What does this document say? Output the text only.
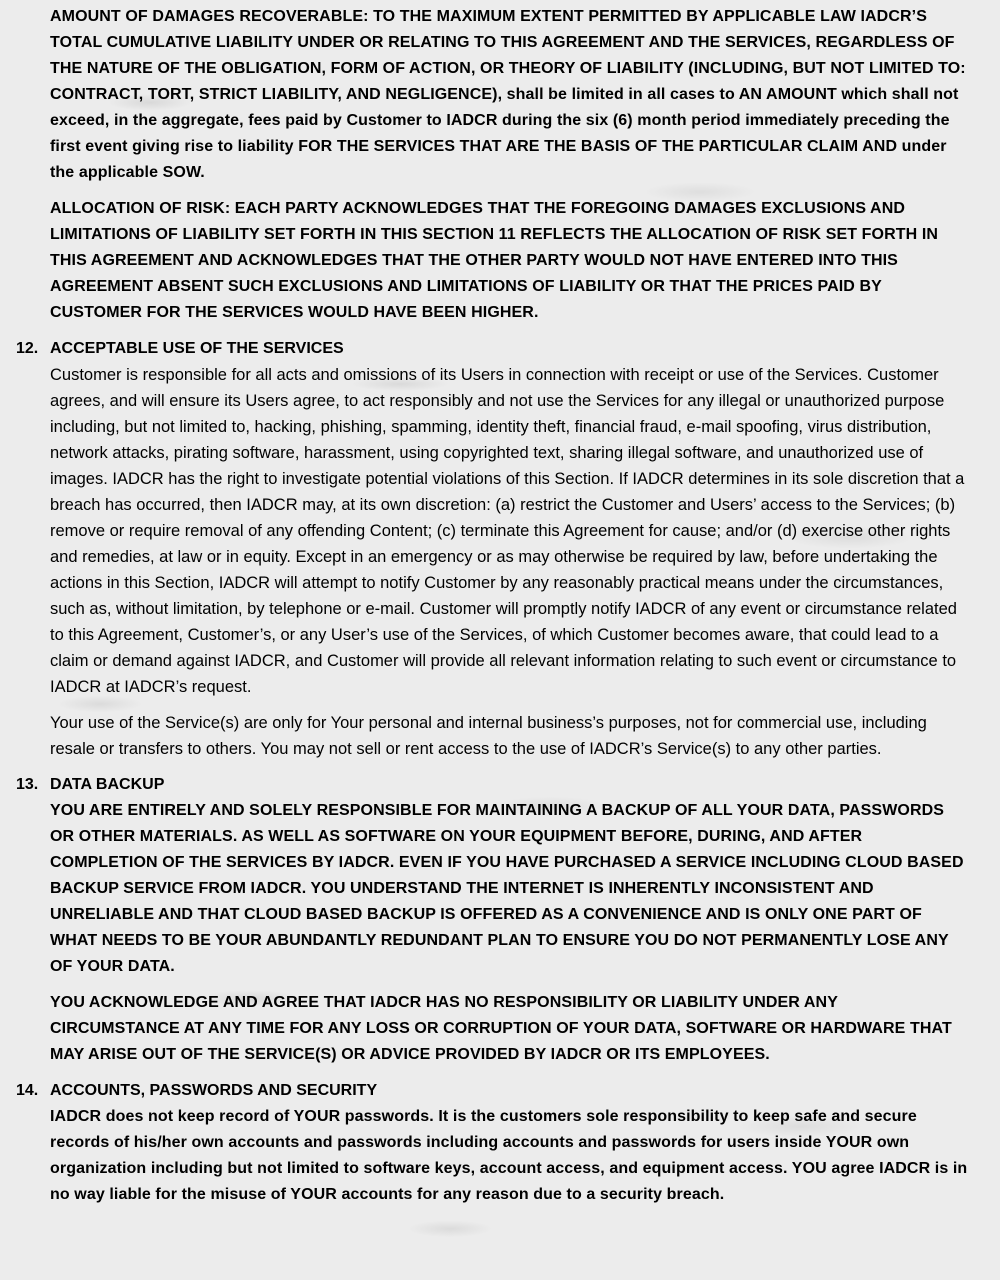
AMOUNT OF DAMAGES RECOVERABLE: TO THE MAXIMUM EXTENT PERMITTED BY APPLICABLE LAW IADCR’S TOTAL CUMULATIVE LIABILITY UNDER OR RELATING TO THIS AGREEMENT AND THE SERVICES, REGARDLESS OF THE NATURE OF THE OBLIGATION, FORM OF ACTION, OR THEORY OF LIABILITY (INCLUDING, BUT NOT LIMITED TO: CONTRACT, TORT, STRICT LIABILITY, AND NEGLIGENCE), shall be limited in all cases to AN AMOUNT which shall not exceed, in the aggregate, fees paid by Customer to IADCR during the six (6) month period immediately preceding the first event giving rise to liability FOR THE SERVICES THAT ARE THE BASIS OF THE PARTICULAR CLAIM AND under the applicable SOW.

ALLOCATION OF RISK: EACH PARTY ACKNOWLEDGES THAT THE FOREGOING DAMAGES EXCLUSIONS AND LIMITATIONS OF LIABILITY SET FORTH IN THIS SECTION 11 REFLECTS THE ALLOCATION OF RISK SET FORTH IN THIS AGREEMENT AND ACKNOWLEDGES THAT THE OTHER PARTY WOULD NOT HAVE ENTERED INTO THIS AGREEMENT ABSENT SUCH EXCLUSIONS AND LIMITATIONS OF LIABILITY OR THAT THE PRICES PAID BY CUSTOMER FOR THE SERVICES WOULD HAVE BEEN HIGHER.

12. ACCEPTABLE USE OF THE SERVICES

Customer is responsible for all acts and omissions of its Users in connection with receipt or use of the Services. Customer agrees, and will ensure its Users agree, to act responsibly and not use the Services for any illegal or unauthorized purpose including, but not limited to, hacking, phishing, spamming, identity theft, financial fraud, e-mail spoofing, virus distribution, network attacks, pirating software, harassment, using copyrighted text, sharing illegal software, and unauthorized use of images. IADCR has the right to investigate potential violations of this Section. If IADCR determines in its sole discretion that a breach has occurred, then IADCR may, at its own discretion: (a) restrict the Customer and Users’ access to the Services; (b) remove or require removal of any offending Content; (c) terminate this Agreement for cause; and/or (d) exercise other rights and remedies, at law or in equity. Except in an emergency or as may otherwise be required by law, before undertaking the actions in this Section, IADCR will attempt to notify Customer by any reasonably practical means under the circumstances, such as, without limitation, by telephone or e-mail. Customer will promptly notify IADCR of any event or circumstance related to this Agreement, Customer’s, or any User’s use of the Services, of which Customer becomes aware, that could lead to a claim or demand against IADCR, and Customer will provide all relevant information relating to such event or circumstance to IADCR at IADCR’s request.

Your use of the Service(s) are only for Your personal and internal business’s purposes, not for commercial use, including resale or transfers to others. You may not sell or rent access to the use of IADCR’s Service(s) to any other parties.

13. DATA BACKUP

YOU ARE ENTIRELY AND SOLELY RESPONSIBLE FOR MAINTAINING A BACKUP OF ALL YOUR DATA, PASSWORDS OR OTHER MATERIALS. AS WELL AS SOFTWARE ON YOUR EQUIPMENT BEFORE, DURING, AND AFTER COMPLETION OF THE SERVICES BY IADCR. EVEN IF YOU HAVE PURCHASED A SERVICE INCLUDING CLOUD BASED BACKUP SERVICE FROM IADCR. YOU UNDERSTAND THE INTERNET IS INHERENTLY INCONSISTENT AND UNRELIABLE AND THAT CLOUD BASED BACKUP IS OFFERED AS A CONVENIENCE AND IS ONLY ONE PART OF WHAT NEEDS TO BE YOUR ABUNDANTLY REDUNDANT PLAN TO ENSURE YOU DO NOT PERMANENTLY LOSE ANY OF YOUR DATA.

YOU ACKNOWLEDGE AND AGREE THAT IADCR HAS NO RESPONSIBILITY OR LIABILITY UNDER ANY CIRCUMSTANCE AT ANY TIME FOR ANY LOSS OR CORRUPTION OF YOUR DATA, SOFTWARE OR HARDWARE THAT MAY ARISE OUT OF THE SERVICE(S) OR ADVICE PROVIDED BY IADCR OR ITS EMPLOYEES.

14. ACCOUNTS, PASSWORDS AND SECURITY

IADCR does not keep record of YOUR passwords. It is the customers sole responsibility to keep safe and secure records of his/her own accounts and passwords including accounts and passwords for users inside YOUR own organization including but not limited to software keys, account access, and equipment access. YOU agree IADCR is in no way liable for the misuse of YOUR accounts for any reason due to a security breach.
